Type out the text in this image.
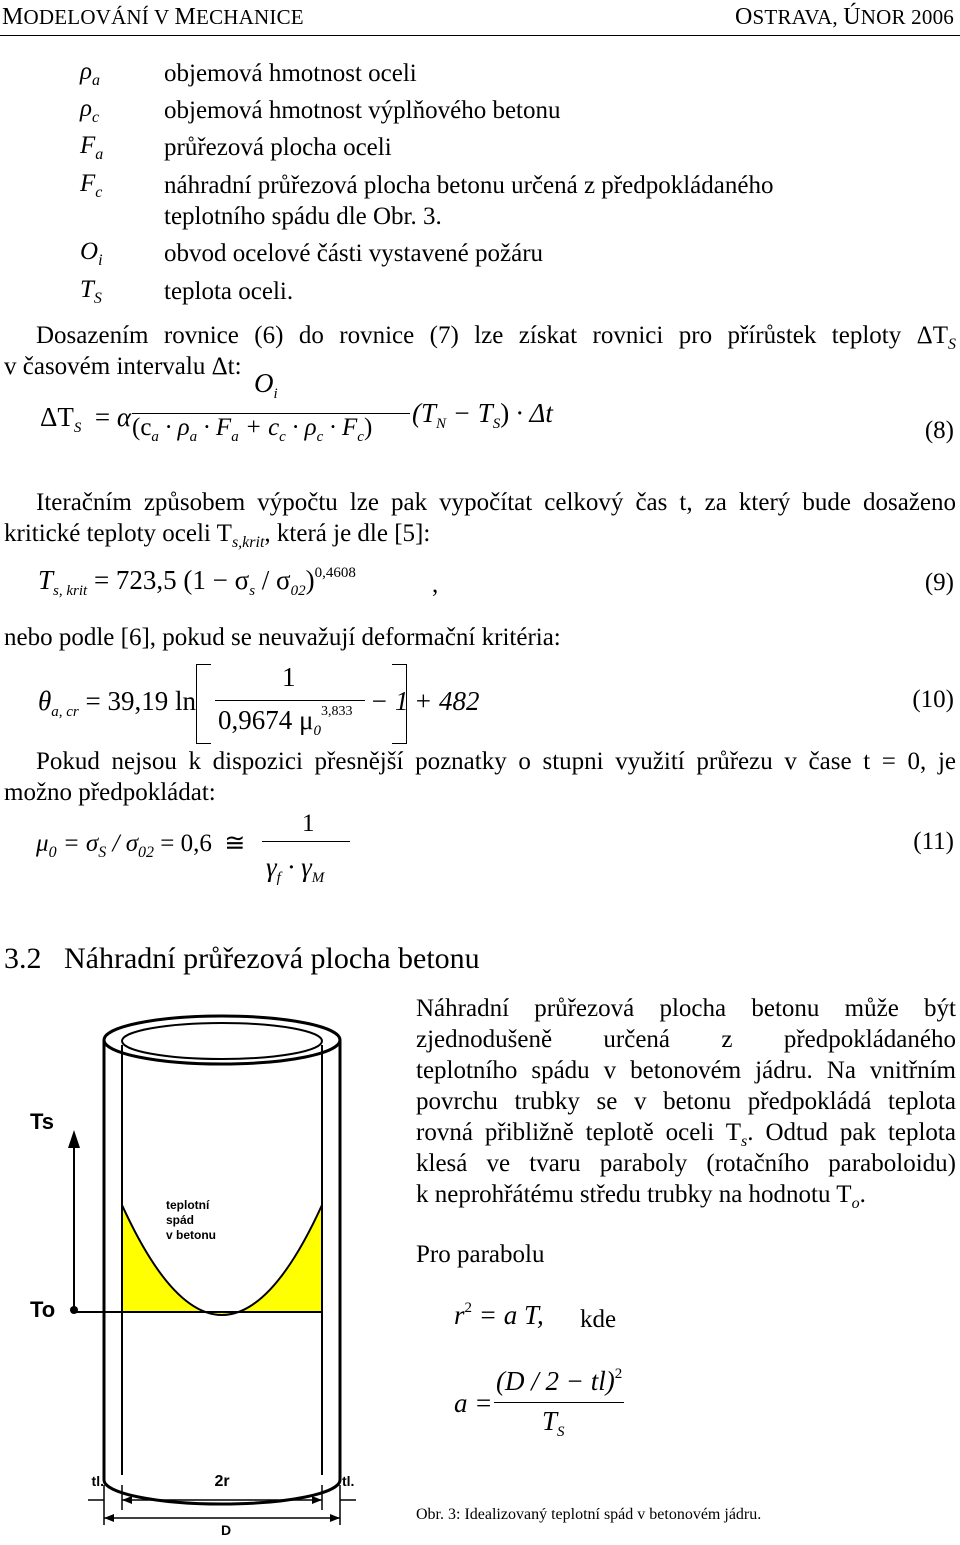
MODELOVÁNÍ V MECHANICE	OSTRAVA, ÚNOR 2006
$\rho_a$	objemová hmotnost oceli
$\rho_c$	objemová hmotnost výplňového betonu
$F_a$ průřezová plocha oceli
$F_c$ náhradní průřezová plocha betonu určená z předpokládaného
teplotního spádu dle Obr. 3.
$O_i$ obvod ocelové části vystavené požáru
$T_S$ teplota oceli.
Dosazením rovnice (6) do rovnice (7) lze získat rovnici pro přírůstek teploty $\Delta T_S$
v časovém intervalu Δt:
$\Delta T_S = \alpha$
$O_i$
$(c_a \cdot \rho_a \cdot F_a + c_c \cdot \rho_c \cdot F_c) (T_N - T_S) \cdot \Delta t$
(8)
Iteračním způsobem výpočtu lze pak vypočítat celkový čas t, za který bude dosaženo
kritické teploty oceli $T_{s,krit}$, která je dle [5]:
$T_{s, krit} = 723,5$ $(1 - \sigma_s / \sigma_{02})^{0,4608}$	,	(9)
nebo podle [6], pokud se neuvažují deformační kritéria:
$\theta_{a, cr} = 39,19$ ln
1
0,9674 $\mu_0$
3,833 − 1 + 482	(10)
Pokud nejsou k dispozici přesnější poznatky o stupni využití průřezu v čase t = 0, je
možno předpokládat:
$\mu_0 = \sigma_S / \sigma_{02} = 0,6$ ≅
1
$\gamma_f \cdot \gamma_M$
(11)
3.2 Náhradní průřezová plocha betonu
Ts
To
teplotní
spád
v betonu
tl.	2r	tl.
D
Náhradní průřezová plocha betonu může být
zjednodušeně určená z předpokládaného
teplotního spádu v betonovém jádru. Na vnitřním
povrchu trubky se v betonu předpokládá teplota
rovná přibližně teplotě oceli $T_s$. Odtud pak teplota
klesá ve tvaru paraboly (rotačního paraboloidu)
k neprohřátému středu trubky na hodnotu $T_o$.
Pro parabolu
$r^2 = a$ T, kde
a =
(D / 2 − tl)$^2$
$T_S$
Obr. 3: Idealizovaný teplotní spád v betonovém jádru.
